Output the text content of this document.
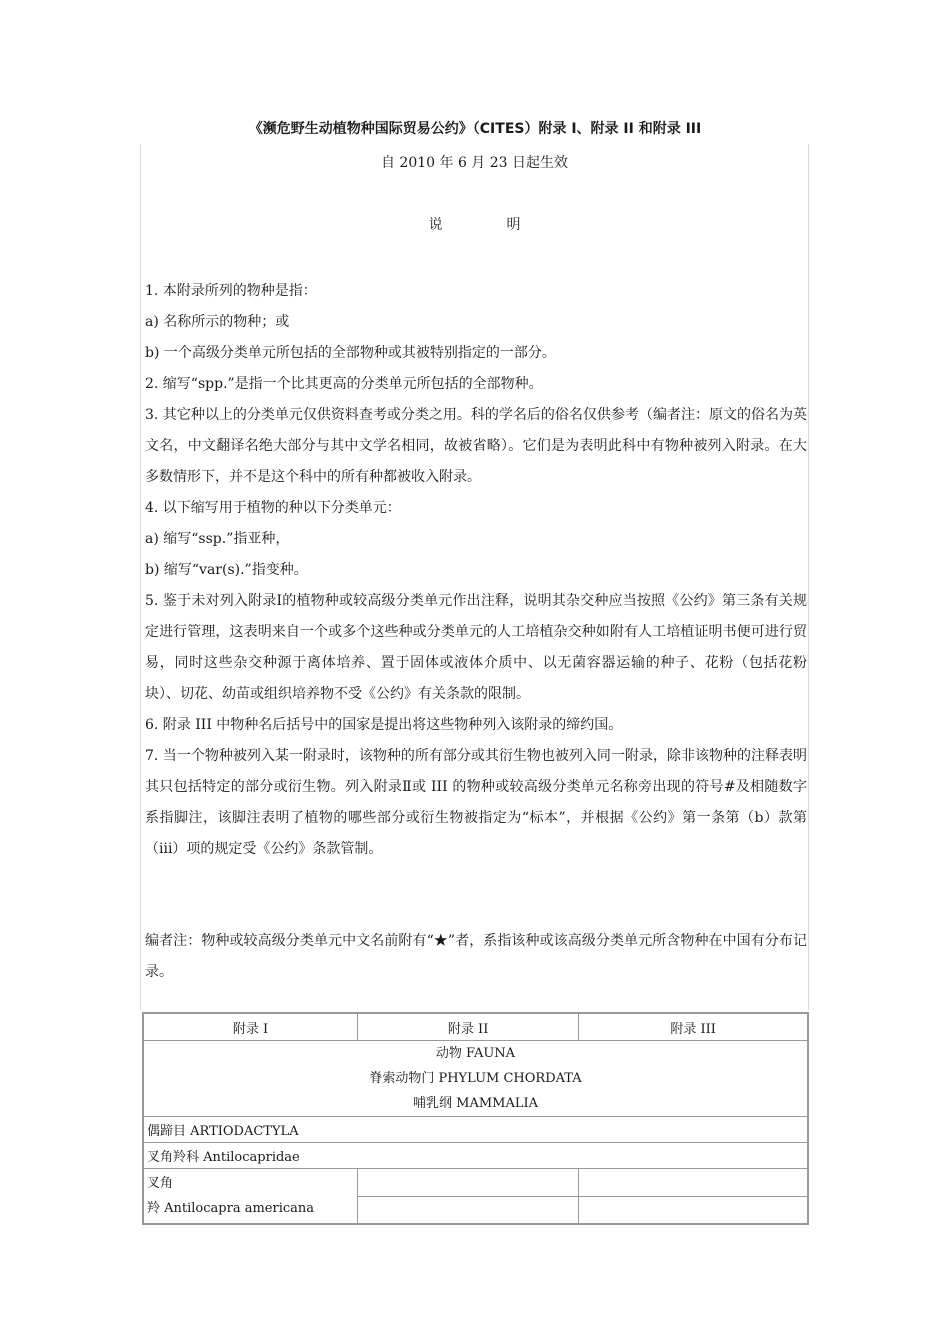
《濒危野生动植物种国际贸易公约》（CITES）附录 I、附录 II 和附录 III
自 2010 年 6 月 23 日起生效
说	明

1. 本附录所列的物种是指：

a) 名称所示的物种；或

b) 一个高级分类单元所包括的全部物种或其被特别指定的一部分。

2. 缩写“spp.”是指一个比其更高的分类单元所包括的全部物种。

3. 其它种以上的分类单元仅供资料查考或分类之用。科的学名后的俗名仅供参考（编者注：原文的俗名为英文名，中文翻译名绝大部分与其中文学名相同，故被省略）。它们是为表明此科中有物种被列入附录。在大多数情形下，并不是这个科中的所有种都被收入附录。

4. 以下缩写用于植物的种以下分类单元：

a) 缩写“ssp.”指亚种，

b) 缩写“var(s).”指变种。

5. 鉴于未对列入附录Ⅰ的植物种或较高级分类单元作出注释，说明其杂交种应当按照《公约》第三条有关规定进行管理，这表明来自一个或多个这些种或分类单元的人工培植杂交种如附有人工培植证明书便可进行贸易，同时这些杂交种源于离体培养、置于固体或液体介质中、以无菌容器运输的种子、花粉（包括花粉块）、切花、幼苗或组织培养物不受《公约》有关条款的限制。

6. 附录 III 中物种名后括号中的国家是提出将这些物种列入该附录的缔约国。

7. 当一个物种被列入某一附录时，该物种的所有部分或其衍生物也被列入同一附录，除非该物种的注释表明其只包括特定的部分或衍生物。列入附录Ⅱ或 III 的物种或较高级分类单元名称旁出现的符号#及相随数字系指脚注，该脚注表明了植物的哪些部分或衍生物被指定为“标本”，并根据《公约》第一条第（b）款第（iii）项的规定受《公约》条款管制。

编者注：物种或较高级分类单元中文名前附有“★”者，系指该种或该高级分类单元所含物种在中国有分布记录。
附录 I	附录 II	附录 III

动物 FAUNA
脊索动物门 PHYLUM CHORDATA
哺乳纲 MAMMALIA		

偶蹄目 ARTIODACTYLA		
叉角羚科 Antilocapridae		

叉角
羚 Antilocapra americana		
